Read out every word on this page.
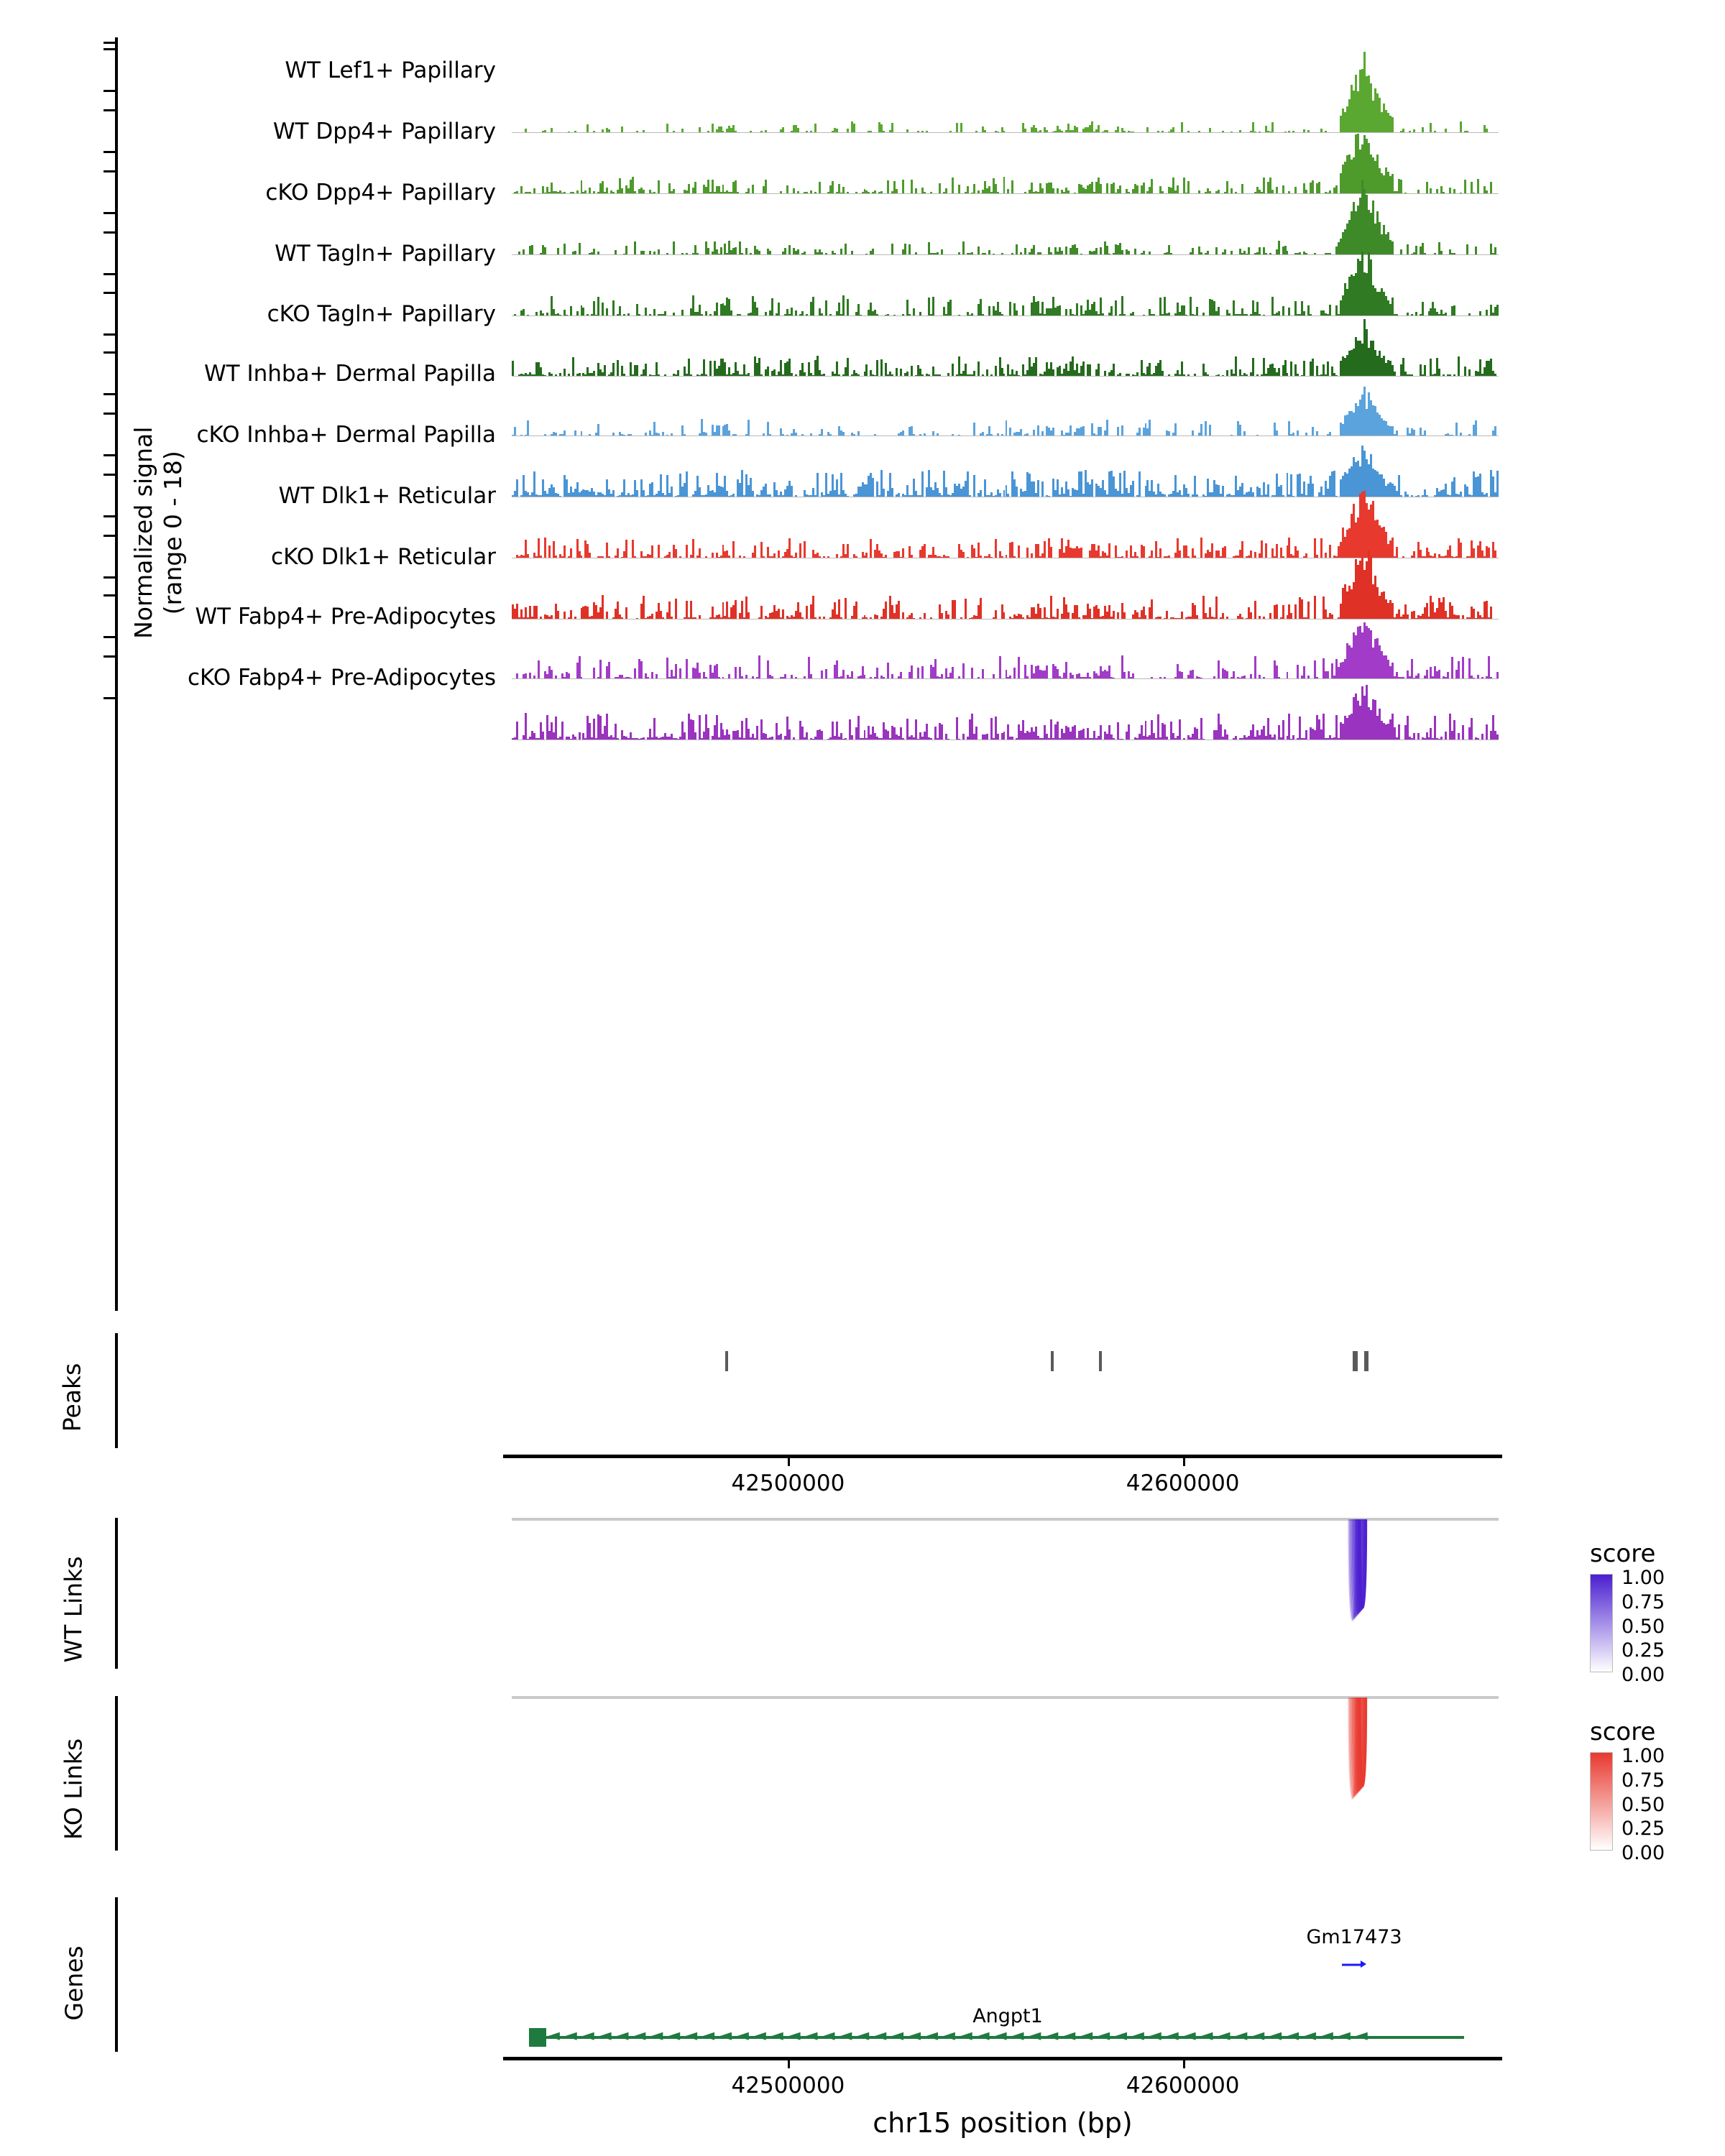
Normalized signal (range 0 - 18)
Peaks
42500000	42600000
WT Links
score
1.00
0.75
0.50
0.25
0.00
KO Links
score
1.00
0.75
0.50
0.25
0.00
Genes
Gm17473
Angpt1
◄ ◄ ◄ ◄ ◄ ◄ ◄ ◄ ◄ ◄ ◄ ◄ ◄ ◄ ◄ ◄ ◄ ◄ ◄ ◄ ◄ ◄ ◄ ◄ ◄ ◄ ◄ ◄ ◄ ◄ ◄ ◄ ◄ ◄ ◄ ◄ ◄ ◄ ◄ ◄ ◄ ◄ ◄ ◄ ◄ ◄ ◄ ◄
42500000	42600000
chr15 position (bp)
WT Lef1+ Papillary
WT Dpp4+ Papillary
cKO Dpp4+ Papillary
WT Tagln+ Papillary
cKO Tagln+ Papillary
WT Inhba+ Dermal Papilla
cKO Inhba+ Dermal Papilla
WT Dlk1+ Reticular
cKO Dlk1+ Reticular
WT Fabp4+ Pre-Adipocytes
cKO Fabp4+ Pre-Adipocytes
